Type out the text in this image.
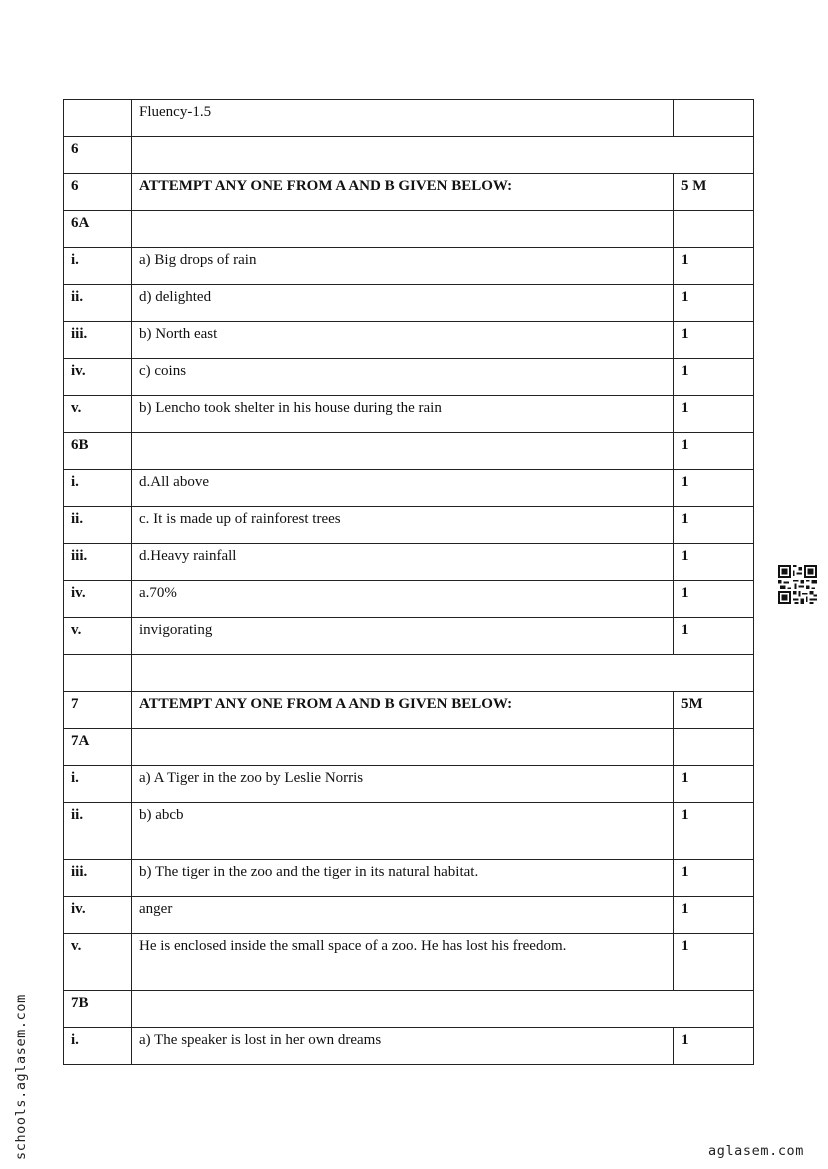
	Fluency-1.5	
6		
6	ATTEMPT ANY ONE FROM A AND B GIVEN BELOW:	5 M
6A		
i.	a) Big drops of rain	1
ii.	d) delighted	1
iii.	b) North east	1
iv.	c) coins	1
v.	b) Lencho took shelter in his house during the rain	1
6B		1
i.	d.All above	1
ii.	c. It is made up of rainforest trees	1
iii.	d.Heavy rainfall	1
iv.	a.70%	1
v.	invigorating	1

7	ATTEMPT ANY ONE FROM A AND B GIVEN BELOW:	5M
7A		
i.	a) A Tiger in the zoo by Leslie Norris	1
ii.	b) abcb	1
iii.	b) The tiger in the zoo and the tiger in its natural habitat.	1
iv.	anger	1
v.	He is enclosed inside the small space of a zoo. He has lost his freedom.	1
7B		
i.	a) The speaker is lost in her own dreams	1
schools.aglasem.com	aglasem.com
